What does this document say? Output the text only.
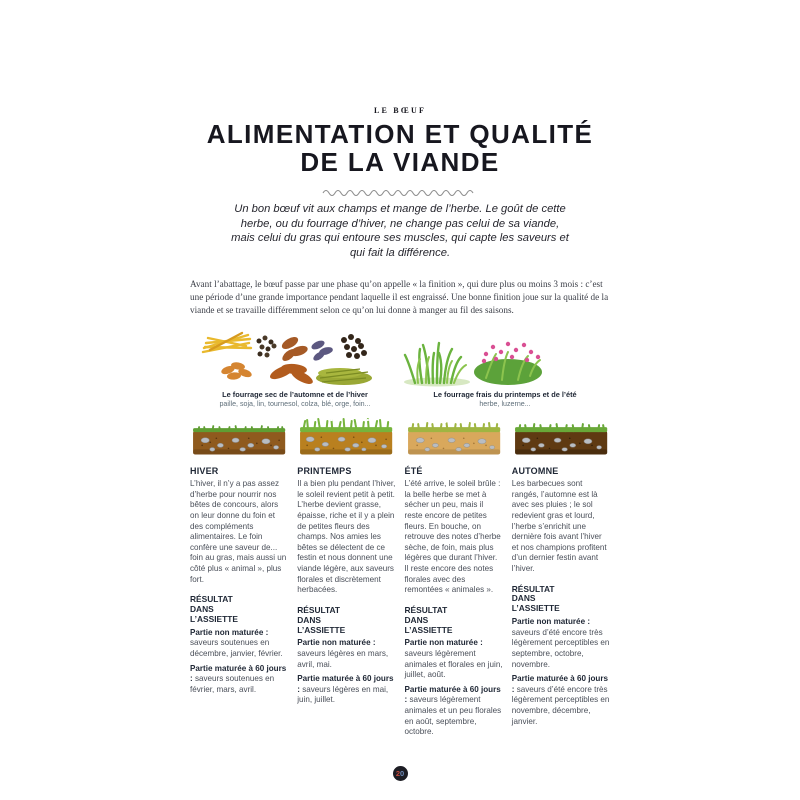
LE BŒUF
ALIMENTATION ET QUALITÉ
DE LA VIANDE

Un bon bœuf vit aux champs et mange de l’herbe. Le goût de cette herbe, ou du fourrage d’hiver, ne change pas celui de sa viande, mais celui du gras qui entoure ses muscles, qui capte les saveurs et qui fait la différence.

Avant l’abattage, le bœuf passe par une phase qu’on appelle « la finition », qui dure plus ou moins 3 mois : c’est une période d’une grande importance pendant laquelle il est engraissé. Une bonne finition joue sur la qualité de la viande et se travaille différemment selon ce qu’on lui donne à manger au fil des saisons.

Le fourrage sec de l’automne et de l’hiver
paille, soja, lin, tournesol, colza, blé, orge, foin...
Le fourrage frais du printemps et de l’été
herbe, luzerne...
HIVER

L’hiver, il n’y a pas assez d’herbe pour nourrir nos bêtes de concours, alors on leur donne du foin et des compléments alimentaires. Le foin confère une saveur de... foin au gras, mais aussi un côté plus « animal », plus fort.

RÉSULTAT DANS L’ASSIETTE

Partie non maturée : saveurs soutenues en décembre, janvier, février.

Partie maturée à 60 jours : saveurs soutenues en février, mars, avril.

PRINTEMPS

Il a bien plu pendant l’hiver, le soleil revient petit à petit. L’herbe devient grasse, épaisse, riche et il y a plein de petites fleurs des champs. Nos amies les bêtes se délectent de ce festin et nous donnent une viande légère, aux saveurs florales et discrètement herbacées.

RÉSULTAT DANS L’ASSIETTE

Partie non maturée : saveurs légères en mars, avril, mai.

Partie maturée à 60 jours : saveurs légères en mai, juin, juillet.

ÉTÉ

L’été arrive, le soleil brûle : la belle herbe se met à sécher un peu, mais il reste encore de petites fleurs. En bouche, on retrouve des notes d’herbe sèche, de foin, mais plus légères que durant l’hiver. Il reste encore des notes florales avec des remontées « animales ».

RÉSULTAT DANS L’ASSIETTE

Partie non maturée : saveurs légèrement animales et florales en juin, juillet, août.

Partie maturée à 60 jours : saveurs légèrement animales et un peu florales en août, septembre, octobre.

AUTOMNE

Les barbecues sont rangés, l’automne est là avec ses pluies ; le sol redevient gras et lourd, l’herbe s’enrichit une dernière fois avant l’hiver et nos champions profitent d’un dernier festin avant l’hiver.

RÉSULTAT DANS L’ASSIETTE

Partie non maturée : saveurs d’été encore très légèrement perceptibles en septembre, octobre, novembre.

Partie maturée à 60 jours : saveurs d’été encore très légèrement perceptibles en novembre, décembre, janvier.

2 0
